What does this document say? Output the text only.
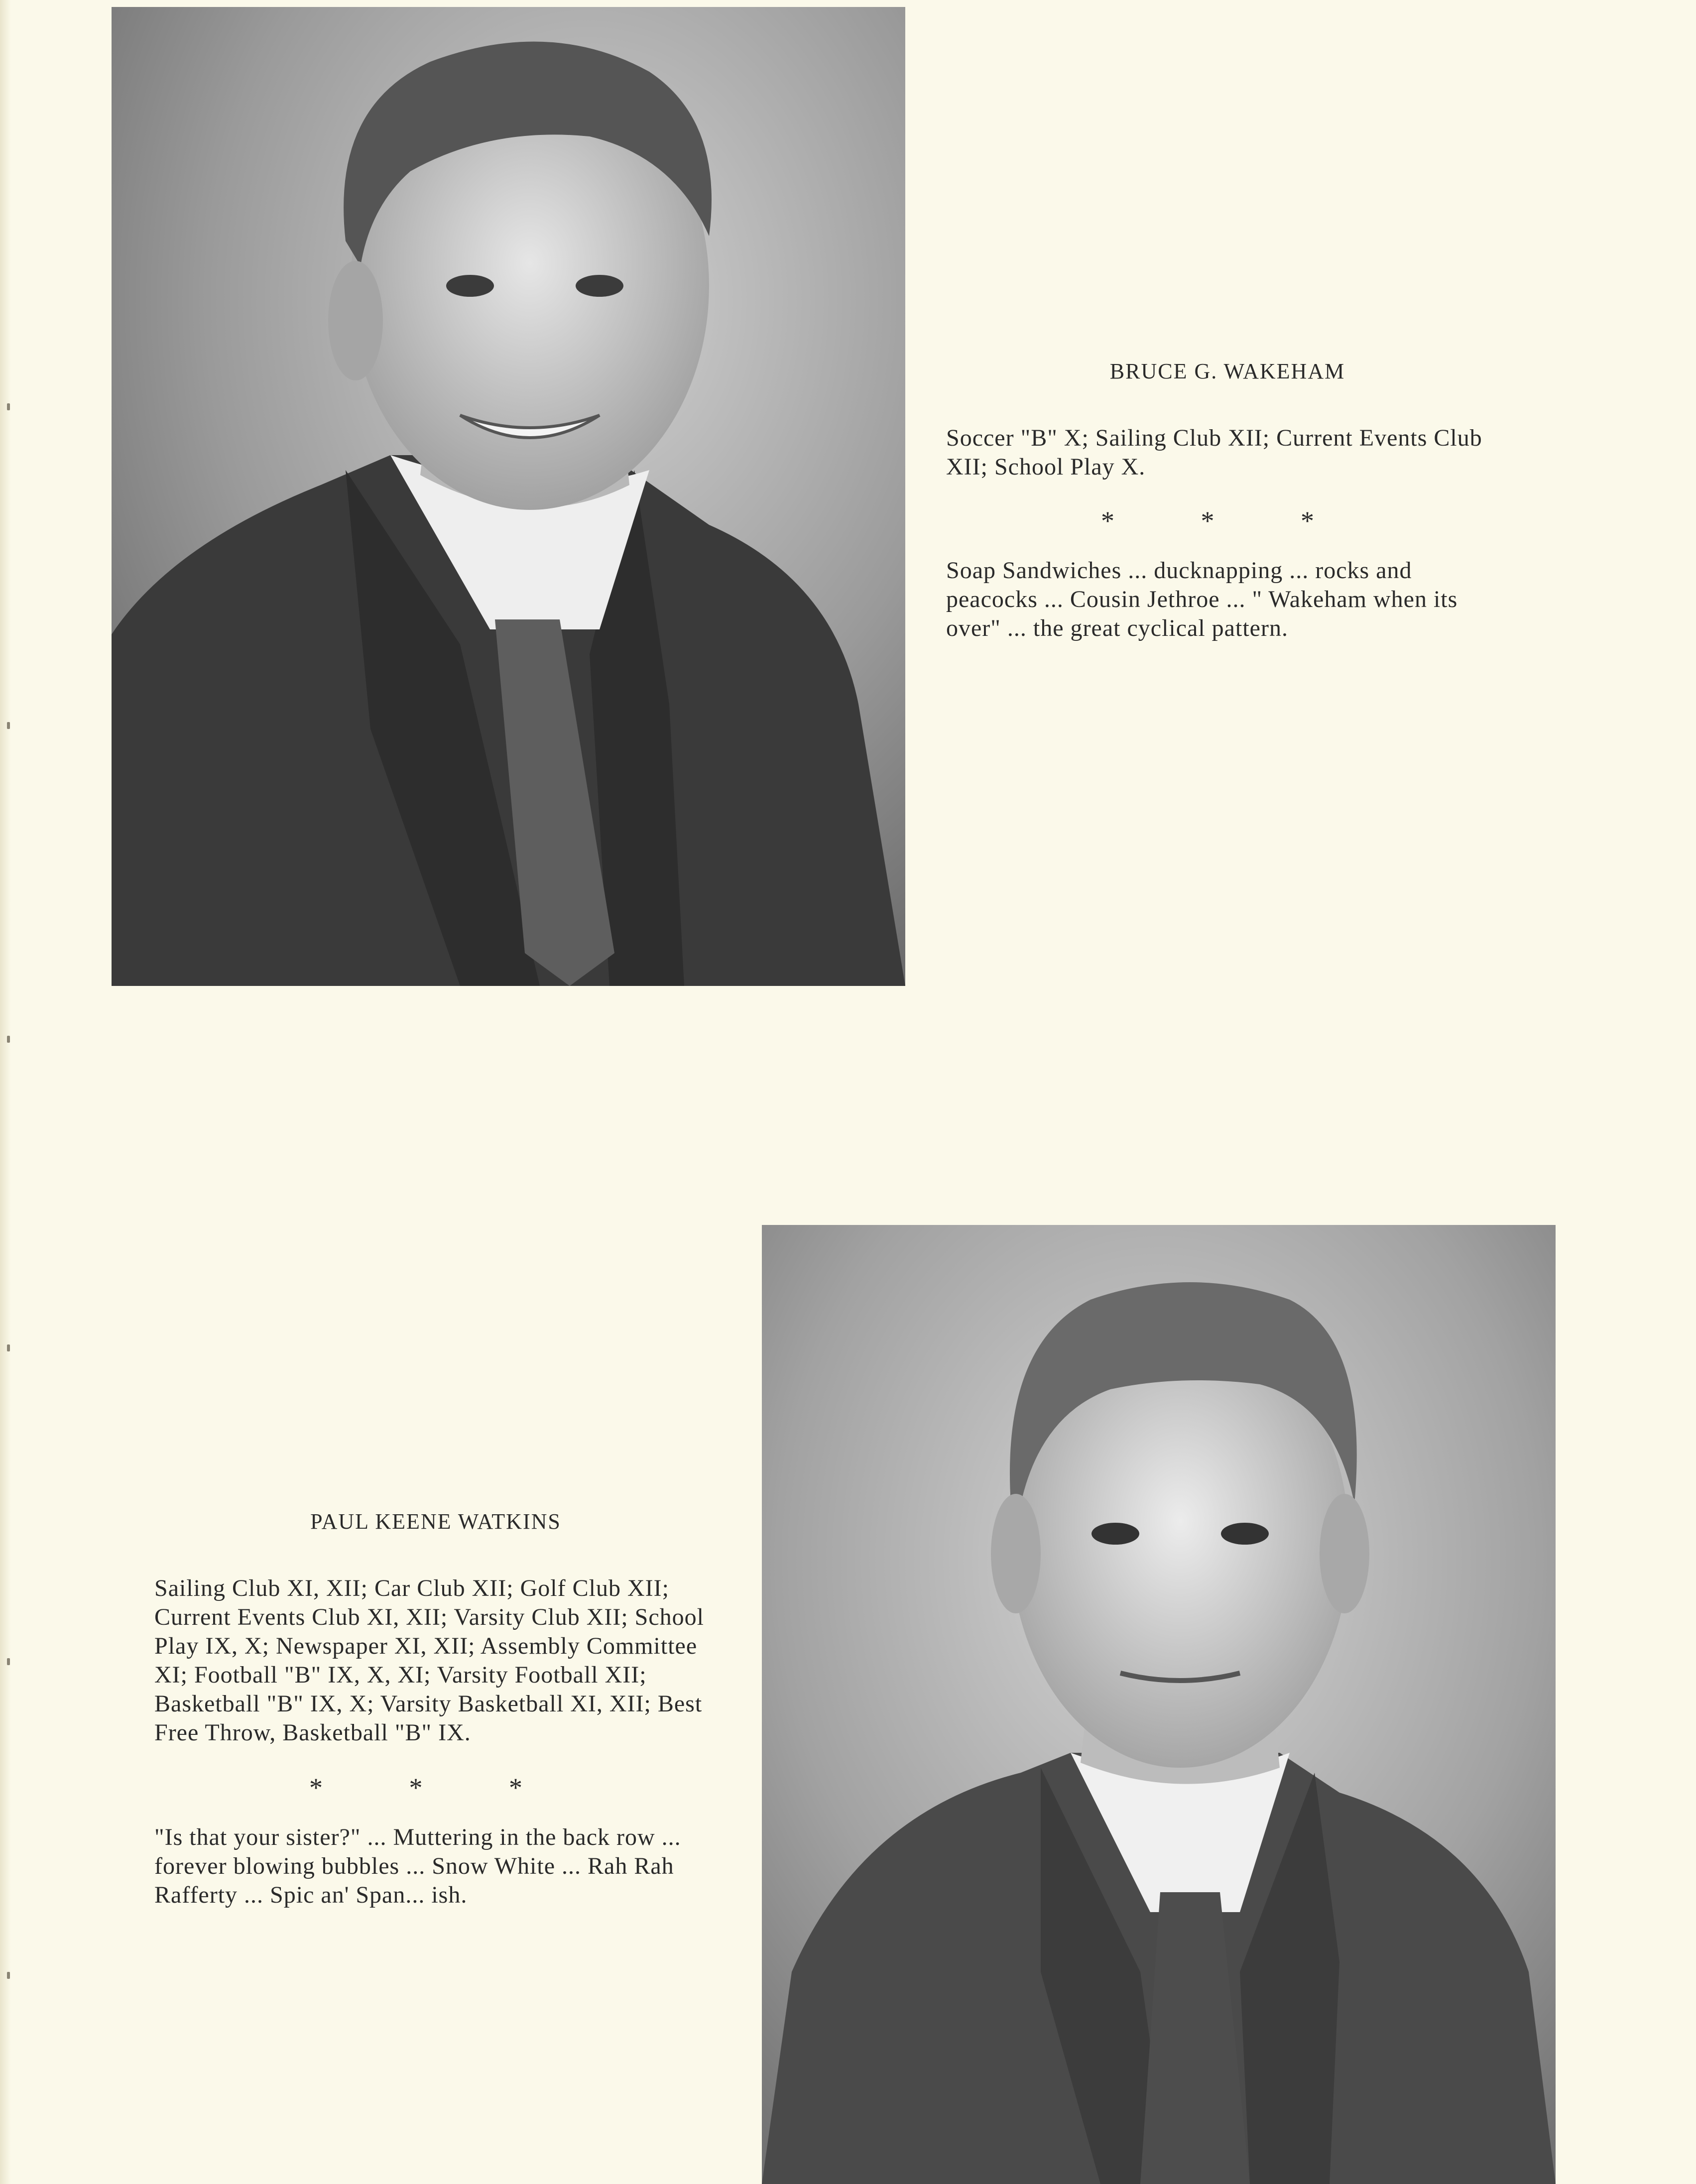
BRUCE G. WAKEHAM

Soccer "B" X; Sailing Club XII; Current Events Club XII; School Play X.

* * *

Soap Sandwiches ... ducknapping ... rocks and peacocks ... Cousin Jethroe ... " Wakeham when its over" ... the great cyclical pattern.

PAUL KEENE WATKINS

Sailing Club XI, XII; Car Club XII; Golf Club XII; Current Events Club XI, XII; Varsity Club XII; School Play IX, X; Newspaper XI, XII; Assembly Committee XI; Football "B" IX, X, XI; Varsity Football XII; Basketball "B" IX, X; Varsity Basketball XI, XII; Best Free Throw, Basketball "B" IX.

* * *

"Is that your sister?" ... Muttering in the back row ... forever blowing bubbles ... Snow White ... Rah Rah Rafferty ... Spic an' Span... ish.
